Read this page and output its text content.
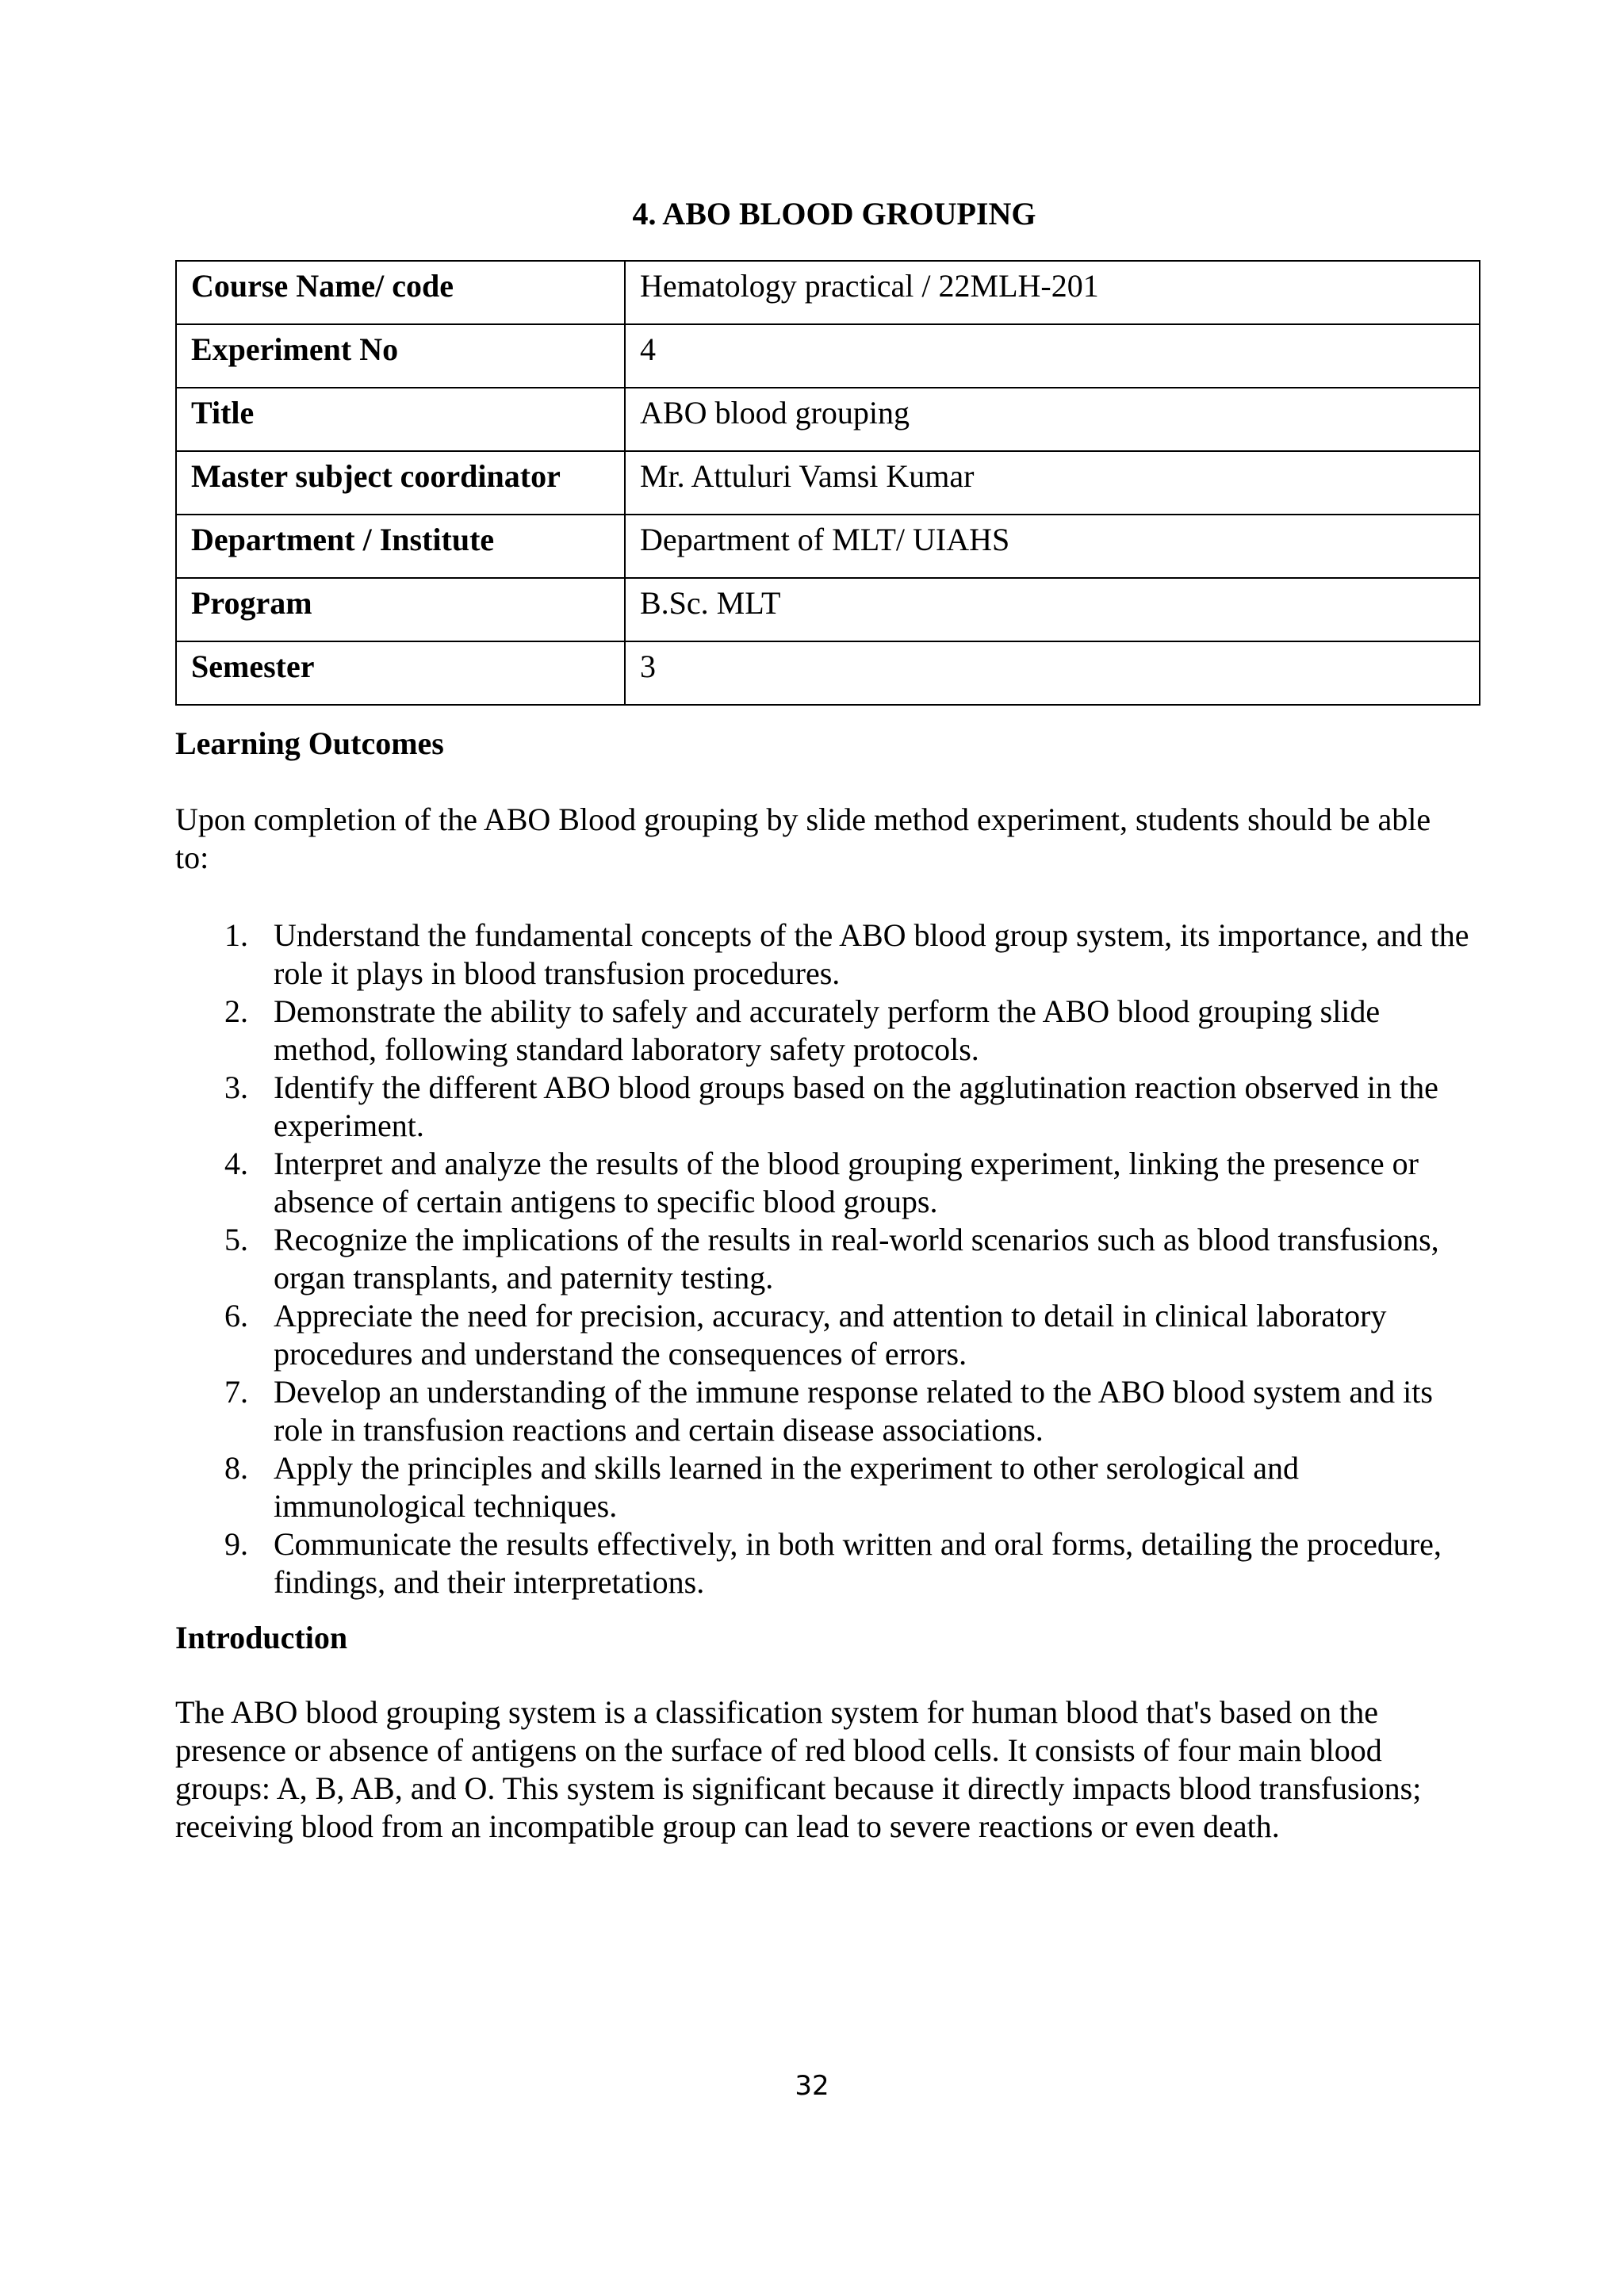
4. ABO BLOOD GROUPING
Course Name/ code	Hematology practical / 22MLH-201
Experiment No	4
Title	ABO blood grouping
Master subject coordinator	Mr. Attuluri Vamsi Kumar
Department / Institute	Department of MLT/ UIAHS
Program	B.Sc. MLT
Semester	3
Learning Outcomes
Upon completion of the ABO Blood grouping by slide method experiment, students should be able to:
1. Understand the fundamental concepts of the ABO blood group system, its importance, and the role it plays in blood transfusion procedures.
2. Demonstrate the ability to safely and accurately perform the ABO blood grouping slide method, following standard laboratory safety protocols.
3. Identify the different ABO blood groups based on the agglutination reaction observed in the experiment.
4. Interpret and analyze the results of the blood grouping experiment, linking the presence or absence of certain antigens to specific blood groups.
5. Recognize the implications of the results in real-world scenarios such as blood transfusions, organ transplants, and paternity testing.
6. Appreciate the need for precision, accuracy, and attention to detail in clinical laboratory procedures and understand the consequences of errors.
7. Develop an understanding of the immune response related to the ABO blood system and its role in transfusion reactions and certain disease associations.
8. Apply the principles and skills learned in the experiment to other serological and immunological techniques.
9. Communicate the results effectively, in both written and oral forms, detailing the procedure, findings, and their interpretations.
Introduction
The ABO blood grouping system is a classification system for human blood that's based on the presence or absence of antigens on the surface of red blood cells. It consists of four main blood groups: A, B, AB, and O. This system is significant because it directly impacts blood transfusions; receiving blood from an incompatible group can lead to severe reactions or even death.
32
